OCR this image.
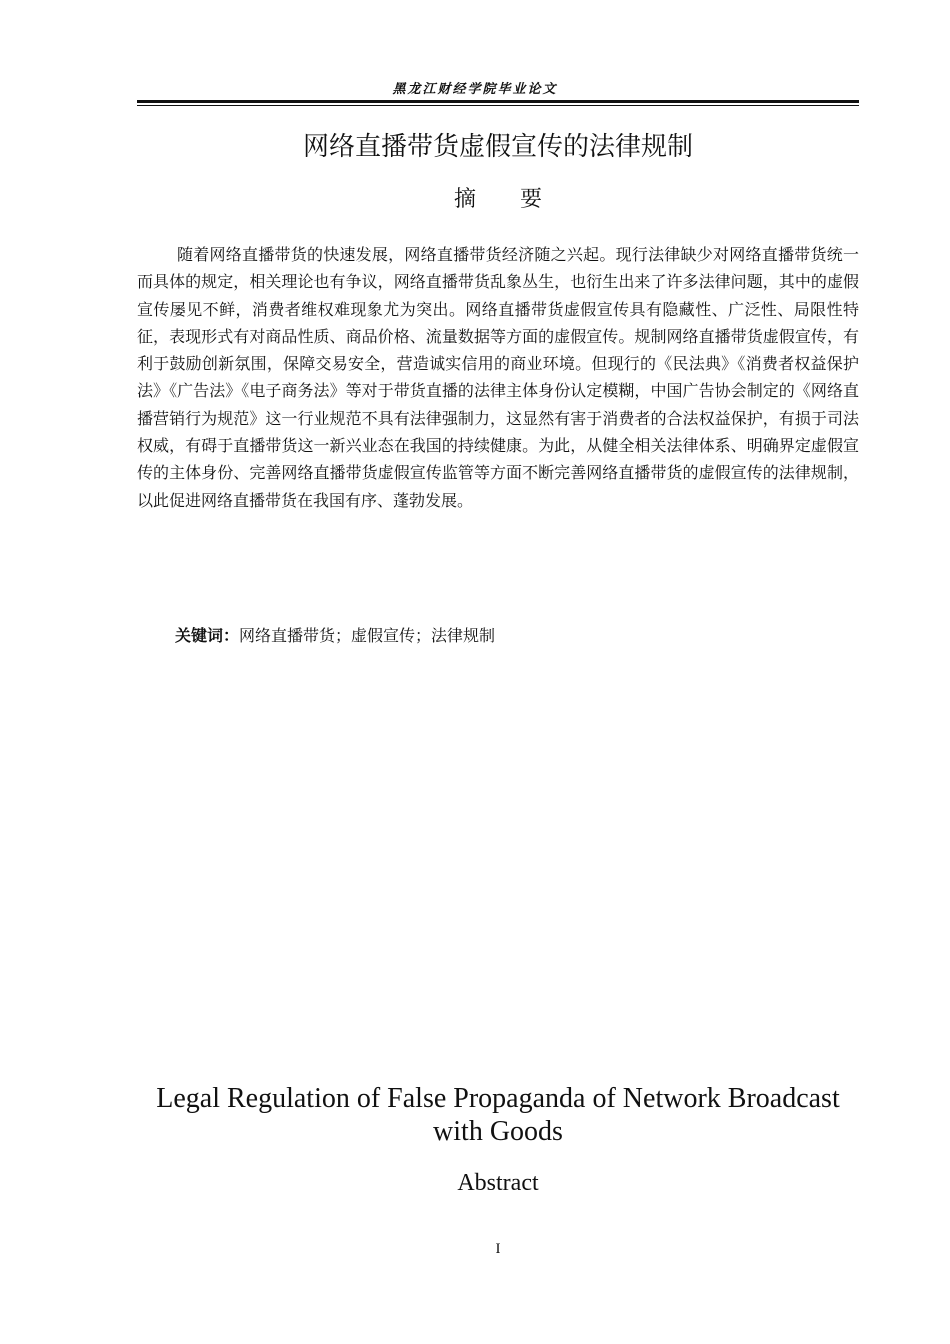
黑龙江财经学院毕业论文
网络直播带货虚假宣传的法律规制
摘要

随着网络直播带货的快速发展，网络直播带货经济随之兴起。现行法律缺少对网络直播带货统一而具体的规定，相关理论也有争议，网络直播带货乱象丛生，也衍生出来了许多法律问题，其中的虚假宣传屡见不鲜，消费者维权难现象尤为突出。网络直播带货虚假宣传具有隐藏性、广泛性、局限性特征，表现形式有对商品性质、商品价格、流量数据等方面的虚假宣传。规制网络直播带货虚假宣传，有利于鼓励创新氛围，保障交易安全，营造诚实信用的商业环境。但现行的《民法典》《消费者权益保护法》《广告法》《电子商务法》等对于带货直播的法律主体身份认定模糊，中国广告协会制定的《网络直播营销行为规范》这一行业规范不具有法律强制力，这显然有害于消费者的合法权益保护，有损于司法权威，有碍于直播带货这一新兴业态在我国的持续健康。为此，从健全相关法律体系、明确界定虚假宣传的主体身份、完善网络直播带货虚假宣传监管等方面不断完善网络直播带货的虚假宣传的法律规制，以此促进网络直播带货在我国有序、蓬勃发展。

关键词：网络直播带货；虚假宣传；法律规制

Legal Regulation of False Propaganda of Network Broadcast with Goods

Abstract
I
